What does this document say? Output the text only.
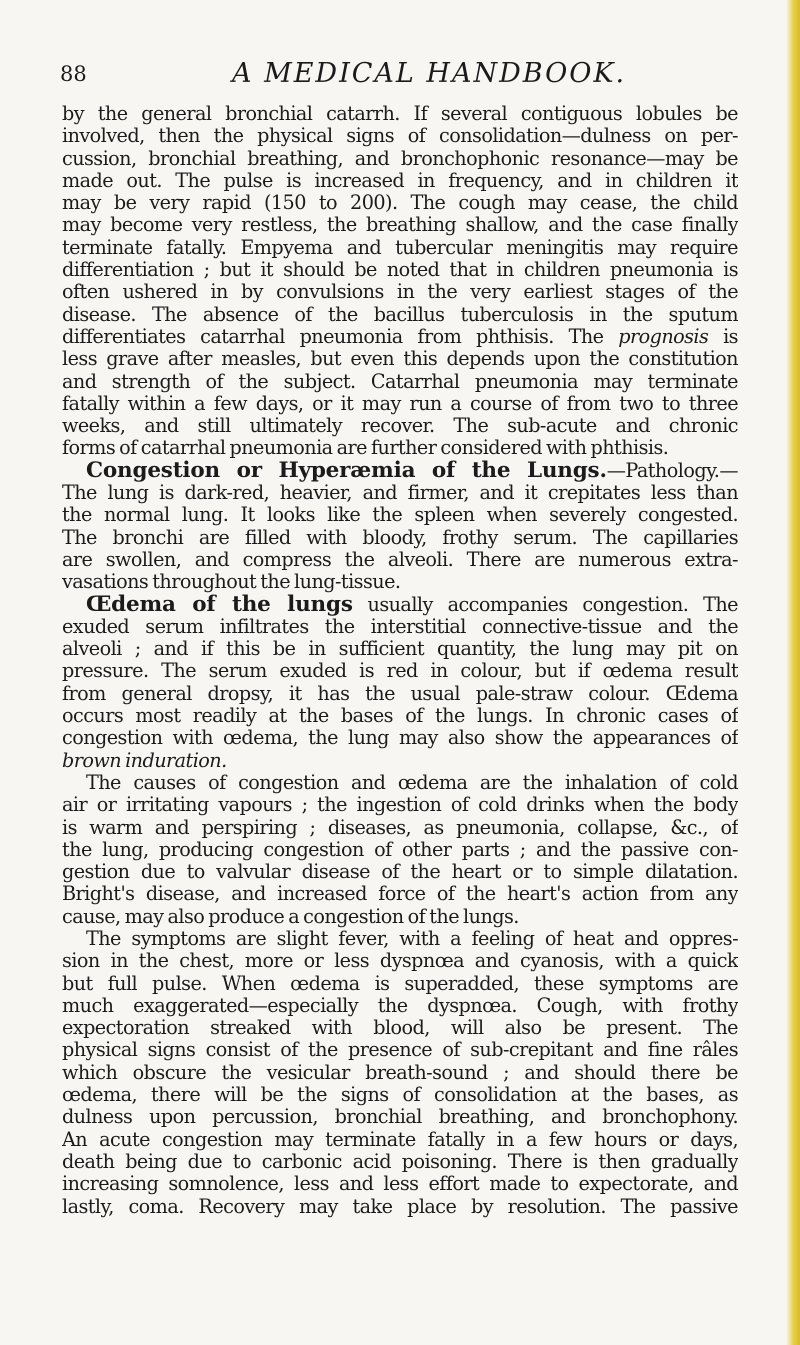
88	A MEDICAL HANDBOOK.
by the general bronchial catarrh. If several contiguous lobules be
involved, then the physical signs of consolidation—dulness on per-
cussion, bronchial breathing, and bronchophonic resonance—may be
made out. The pulse is increased in frequency, and in children it
may be very rapid (150 to 200). The cough may cease, the child
may become very restless, the breathing shallow, and the case finally
terminate fatally. Empyema and tubercular meningitis may require
differentiation ; but it should be noted that in children pneumonia is
often ushered in by convulsions in the very earliest stages of the
disease. The absence of the bacillus tuberculosis in the sputum
differentiates catarrhal pneumonia from phthisis. The prognosis is
less grave after measles, but even this depends upon the constitution
and strength of the subject. Catarrhal pneumonia may terminate
fatally within a few days, or it may run a course of from two to three
weeks, and still ultimately recover. The sub-acute and chronic
forms of catarrhal pneumonia are further considered with phthisis.
Congestion or Hyperæmia of the Lungs.—Pathology.—
The lung is dark-red, heavier, and firmer, and it crepitates less than
the normal lung. It looks like the spleen when severely congested.
The bronchi are filled with bloody, frothy serum. The capillaries
are swollen, and compress the alveoli. There are numerous extra-
vasations throughout the lung-tissue.
Œdema of the lungs usually accompanies congestion. The
exuded serum infiltrates the interstitial connective-tissue and the
alveoli ; and if this be in sufficient quantity, the lung may pit on
pressure. The serum exuded is red in colour, but if œdema result
from general dropsy, it has the usual pale-straw colour. Œdema
occurs most readily at the bases of the lungs. In chronic cases of
congestion with œdema, the lung may also show the appearances of
brown induration.
The causes of congestion and œdema are the inhalation of cold
air or irritating vapours ; the ingestion of cold drinks when the body
is warm and perspiring ; diseases, as pneumonia, collapse, &c., of
the lung, producing congestion of other parts ; and the passive con-
gestion due to valvular disease of the heart or to simple dilatation.
Bright's disease, and increased force of the heart's action from any
cause, may also produce a congestion of the lungs.
The symptoms are slight fever, with a feeling of heat and oppres-
sion in the chest, more or less dyspnœa and cyanosis, with a quick
but full pulse. When œdema is superadded, these symptoms are
much exaggerated—especially the dyspnœa. Cough, with frothy
expectoration streaked with blood, will also be present. The
physical signs consist of the presence of sub-crepitant and fine râles
which obscure the vesicular breath-sound ; and should there be
œdema, there will be the signs of consolidation at the bases, as
dulness upon percussion, bronchial breathing, and bronchophony.
An acute congestion may terminate fatally in a few hours or days,
death being due to carbonic acid poisoning. There is then gradually
increasing somnolence, less and less effort made to expectorate, and
lastly, coma. Recovery may take place by resolution. The passive
